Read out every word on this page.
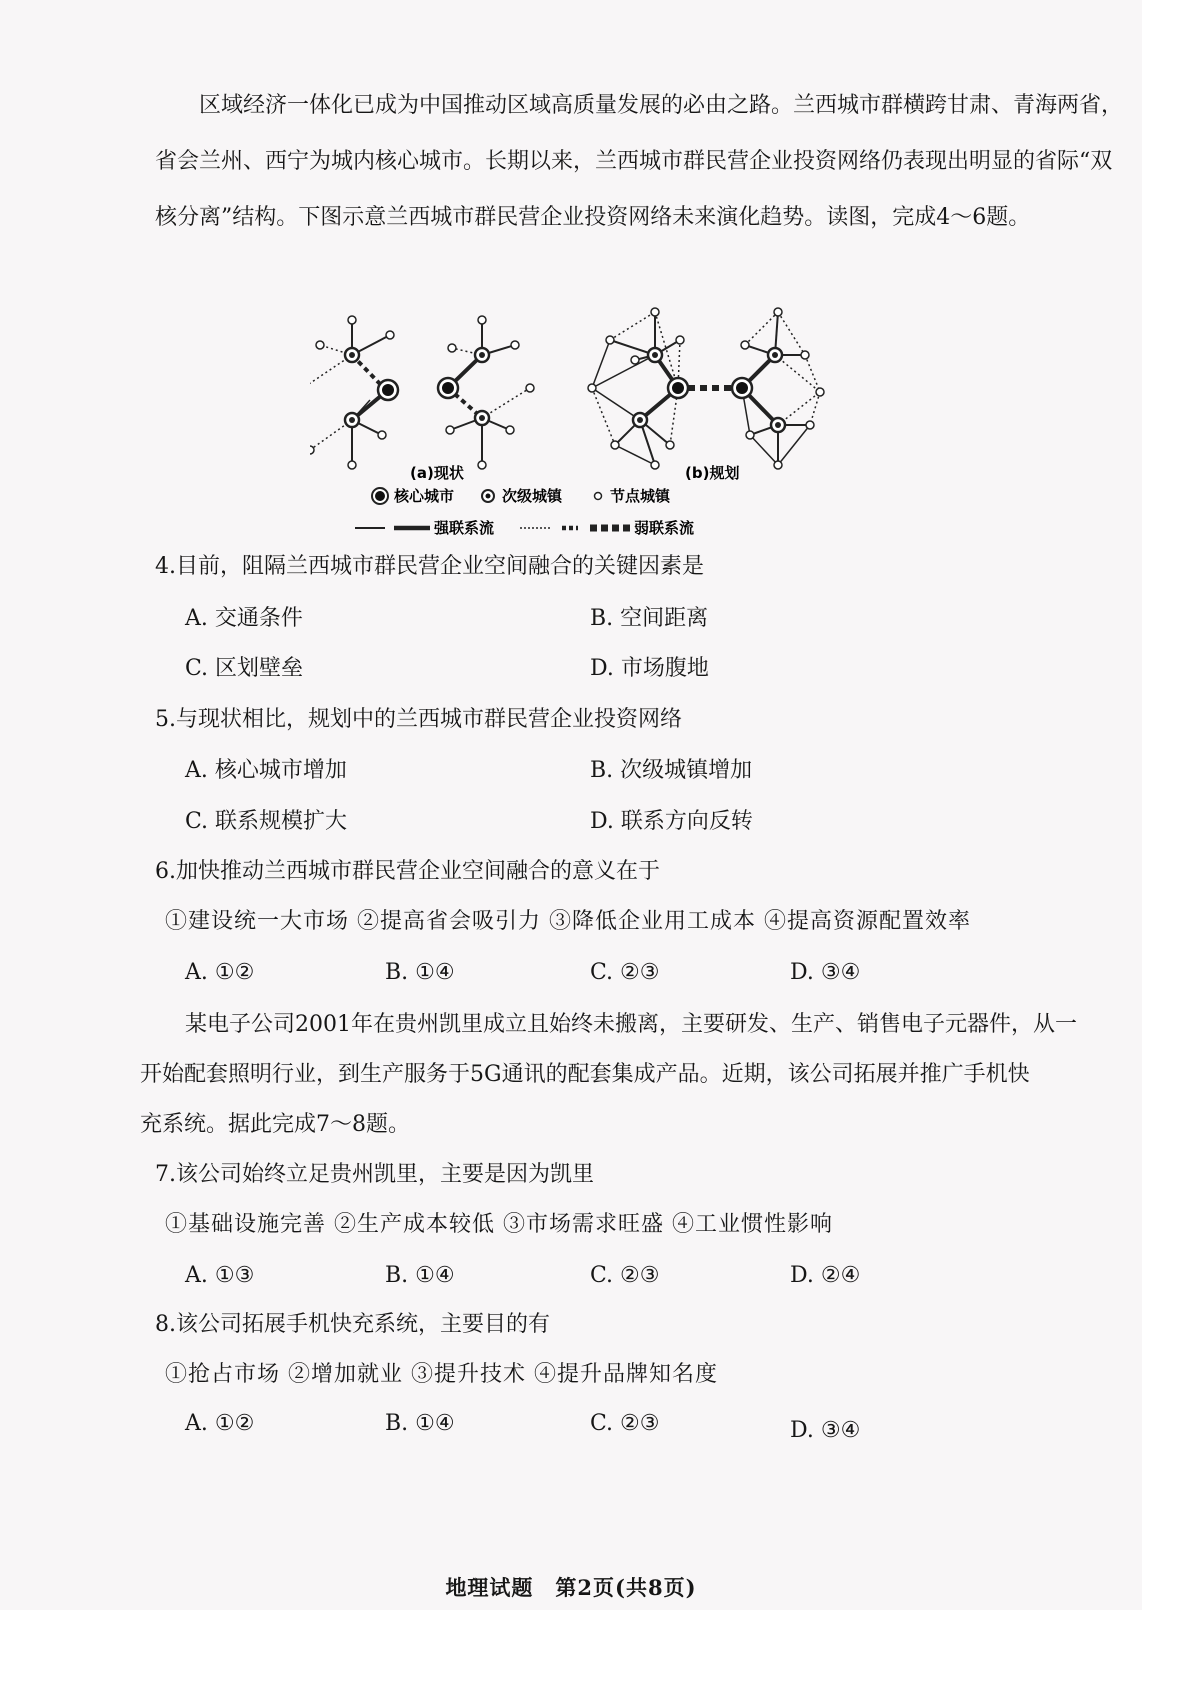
区域经济一体化已成为中国推动区域高质量发展的必由之路。兰西城市群横跨甘肃、青海两省，省会兰州、西宁为城内核心城市。长期以来，兰西城市群民营企业投资网络仍表现出明显的省际“双核分离”结构。下图示意兰西城市群民营企业投资网络未来演化趋势。读图，完成4～6题。

(a)现状	(b)规划
核心城市	次级城镇	节点城镇
强联系流	弱联系流

4.目前，阻隔兰西城市群民营企业空间融合的关键因素是

A. 交通条件	B. 空间距离

C. 区划壁垒	D. 市场腹地

5.与现状相比，规划中的兰西城市群民营企业投资网络

A. 核心城市增加	B. 次级城镇增加

C. 联系规模扩大	D. 联系方向反转

6.加快推动兰西城市群民营企业空间融合的意义在于

①建设统一大市场 ②提高省会吸引力 ③降低企业用工成本 ④提高资源配置效率

A. ①②	B. ①④	C. ②③	D. ③④

某电子公司2001年在贵州凯里成立且始终未搬离，主要研发、生产、销售电子元器件，从一

开始配套照明行业，到生产服务于5G通讯的配套集成产品。近期，该公司拓展并推广手机快

充系统。据此完成7～8题。

7.该公司始终立足贵州凯里，主要是因为凯里

①基础设施完善 ②生产成本较低 ③市场需求旺盛 ④工业惯性影响

A. ①③	B. ①④	C. ②③	D. ②④

8.该公司拓展手机快充系统，主要目的有

①抢占市场 ②增加就业 ③提升技术 ④提升品牌知名度

A. ①②	B. ①④	C. ②③	D. ③④

地理试题　第2页(共8页)
